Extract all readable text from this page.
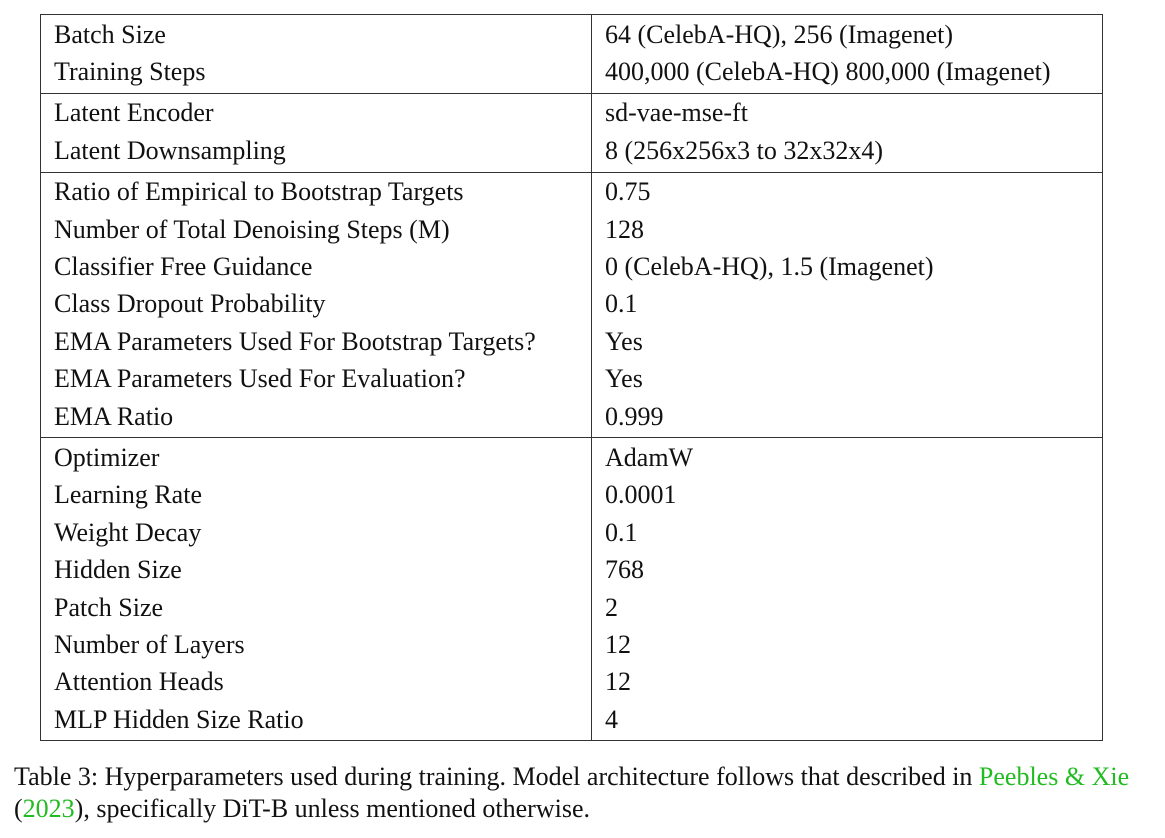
Batch Size	64 (CelebA-HQ), 256 (Imagenet)
Training Steps	400,000 (CelebA-HQ) 800,000 (Imagenet)
Latent Encoder	sd-vae-mse-ft
Latent Downsampling	8 (256x256x3 to 32x32x4)
Ratio of Empirical to Bootstrap Targets	0.75
Number of Total Denoising Steps (M)	128
Classifier Free Guidance	0 (CelebA-HQ), 1.5 (Imagenet)
Class Dropout Probability	0.1
EMA Parameters Used For Bootstrap Targets?	Yes
EMA Parameters Used For Evaluation?	Yes
EMA Ratio	0.999
Optimizer	AdamW
Learning Rate	0.0001
Weight Decay	0.1
Hidden Size	768
Patch Size	2
Number of Layers	12
Attention Heads	12
MLP Hidden Size Ratio	4
Table 3: Hyperparameters used during training. Model architecture follows that described in Peebles & Xie (2023), specifically DiT-B unless mentioned otherwise.
